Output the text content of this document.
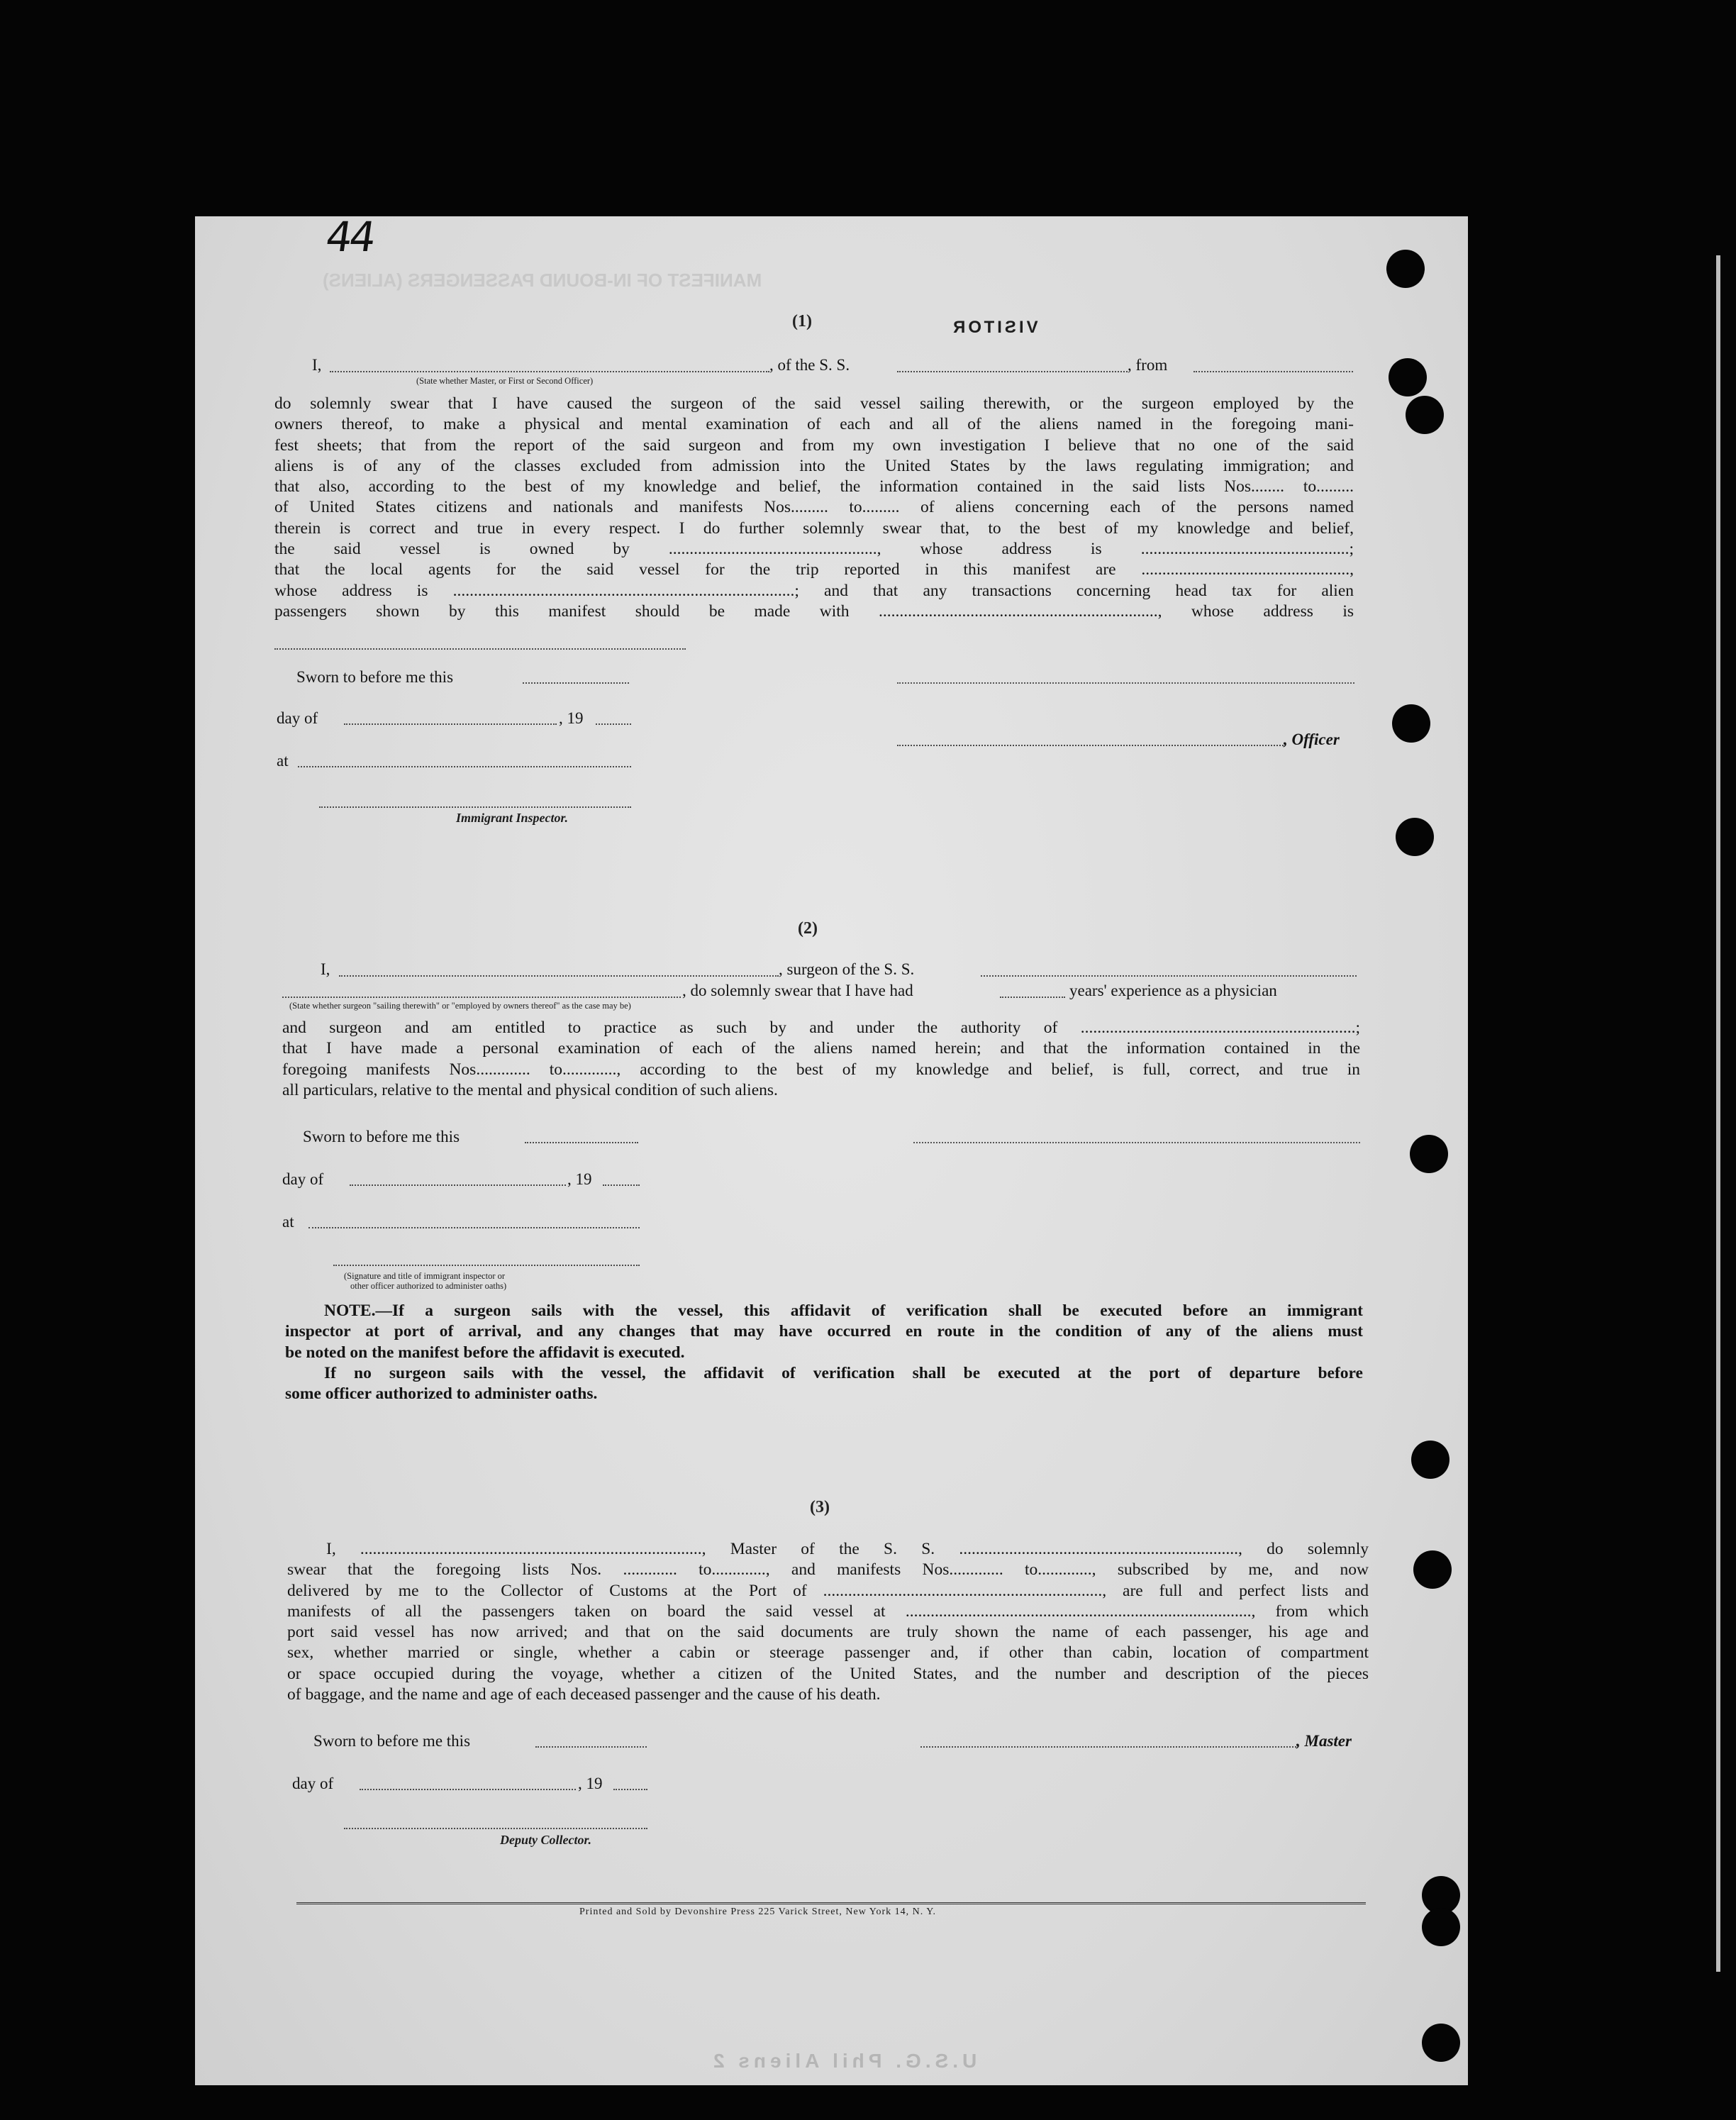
44
MANIFEST OF IN-BOUND PASSENGERS (ALIENS)
VISITOR
U.S.G. Phil Aliens 2
(1)
I,	, of the S. S.	, from
(State whether Master, or First or Second Officer)
do solemnly swear that I have caused the surgeon of the said vessel sailing therewith, or the surgeon employed by the
owners thereof, to make a physical and mental examination of each and all of the aliens named in the foregoing mani-
fest sheets; that from the report of the said surgeon and from my own investigation I believe that no one of the said
aliens is of any of the classes excluded from admission into the United States by the laws regulating immigration; and
that also, according to the best of my knowledge and belief, the information contained in the said lists Nos........ to.........
of United States citizens and nationals and manifests Nos......... to......... of aliens concerning each of the persons named
therein is correct and true in every respect. I do further solemnly swear that, to the best of my knowledge and belief,
the said vessel is owned by .................................................., whose address is ..................................................;
that the local agents for the said vessel for the trip reported in this manifest are ..................................................,
whose address is ..................................................................................; and that any transactions concerning head tax for alien
passengers shown by this manifest should be made with ..................................................................., whose address is
Sworn to before me this
day of	, 19
, Officer
at
Immigrant Inspector.
(2)
I,	, surgeon of the S. S.
, do solemnly swear that I have had	years' experience as a physician
(State whether surgeon "sailing therewith" or "employed by owners thereof" as the case may be)
and surgeon and am entitled to practice as such by and under the authority of ..................................................................;
that I have made a personal examination of each of the aliens named herein; and that the information contained in the
foregoing manifests Nos............. to............., according to the best of my knowledge and belief, is full, correct, and true in
all particulars, relative to the mental and physical condition of such aliens.
Sworn to before me this
day of	, 19
at
(Signature and title of immigrant inspector or
other officer authorized to administer oaths)
NOTE.—If a surgeon sails with the vessel, this affidavit of verification shall be executed before an immigrant
inspector at port of arrival, and any changes that may have occurred en route in the condition of any of the aliens must
be noted on the manifest before the affidavit is executed.
If no surgeon sails with the vessel, the affidavit of verification shall be executed at the port of departure before
some officer authorized to administer oaths.
(3)
I, .................................................................................., Master of the S. S. ..................................................................., do solemnly
swear that the foregoing lists Nos. ............. to............., and manifests Nos............. to............., subscribed by me, and now
delivered by me to the Collector of Customs at the Port of ..................................................................., are full and perfect lists and
manifests of all the passengers taken on board the said vessel at ..................................................................................., from which
port said vessel has now arrived; and that on the said documents are truly shown the name of each passenger, his age and
sex, whether married or single, whether a cabin or steerage passenger and, if other than cabin, location of compartment
or space occupied during the voyage, whether a citizen of the United States, and the number and description of the pieces
of baggage, and the name and age of each deceased passenger and the cause of his death.
Sworn to before me this	, Master
day of	, 19
Deputy Collector.
Printed and Sold by Devonshire Press 225 Varick Street, New York 14, N. Y.
